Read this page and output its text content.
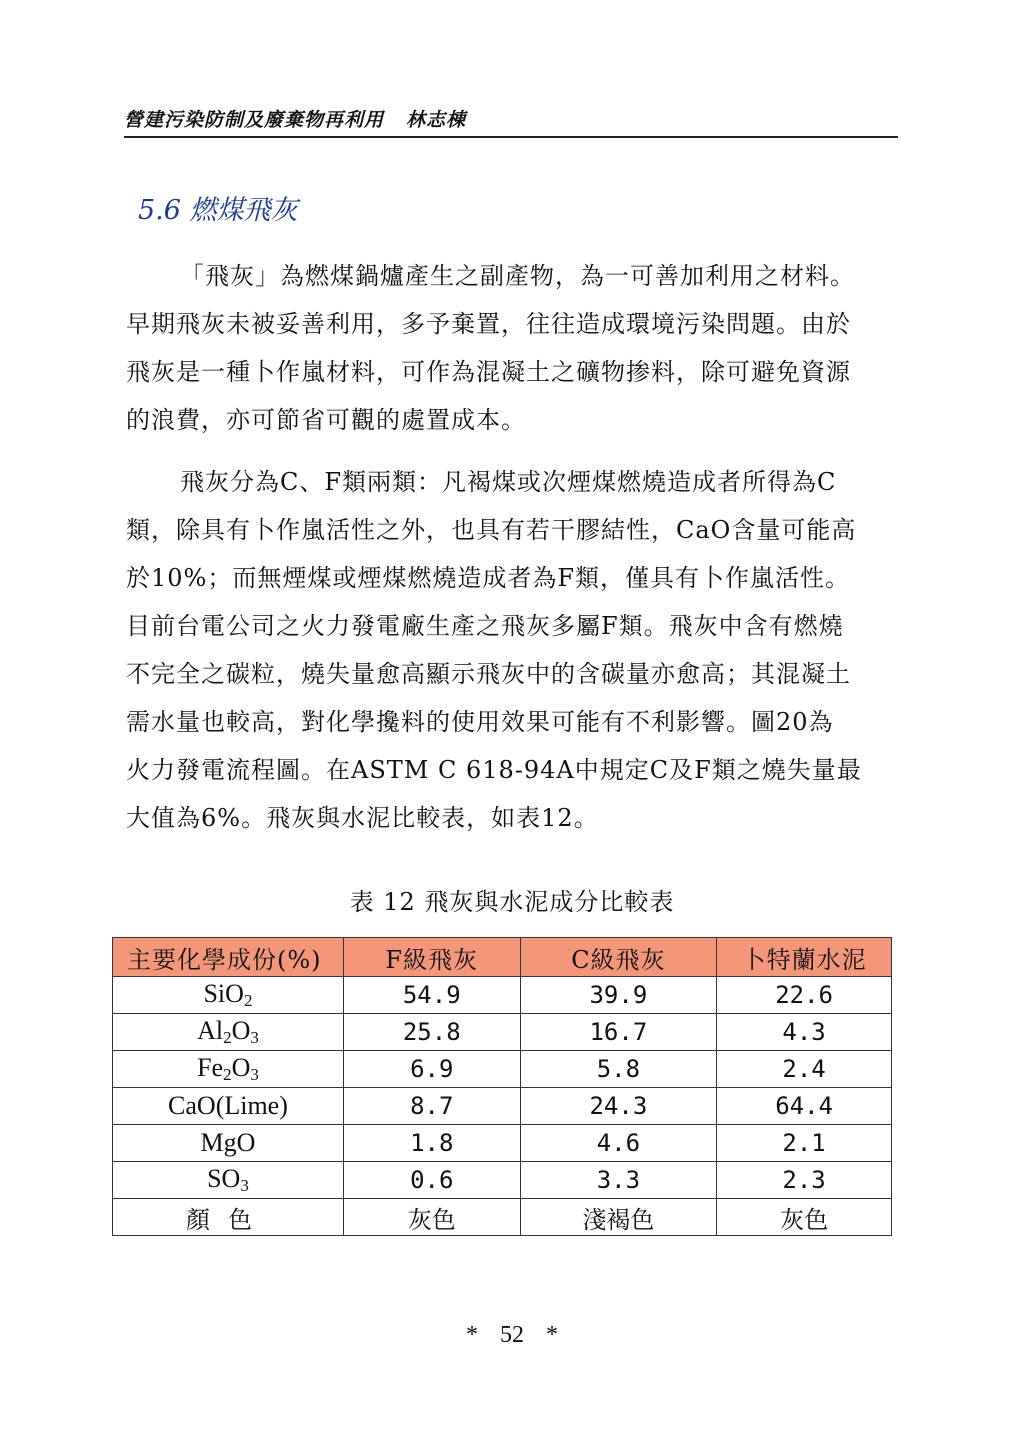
營建污染防制及廢棄物再利用 林志棟
5.6 燃煤飛灰
「飛灰」為燃煤鍋爐產生之副產物，為一可善加利用之材料。
早期飛灰未被妥善利用，多予棄置，往往造成環境污染問題。由於
飛灰是一種卜作嵐材料，可作為混凝土之礦物掺料，除可避免資源
的浪費，亦可節省可觀的處置成本。
飛灰分為C、F類兩類：凡褐煤或次煙煤燃燒造成者所得為C
類，除具有卜作嵐活性之外，也具有若干膠結性，CaO含量可能高
於10%；而無煙煤或煙煤燃燒造成者為F類，僅具有卜作嵐活性。
目前台電公司之火力發電廠生產之飛灰多屬F類。飛灰中含有燃燒
不完全之碳粒，燒失量愈高顯示飛灰中的含碳量亦愈高；其混凝土
需水量也較高，對化學攙料的使用效果可能有不利影響。圖20為
火力發電流程圖。在ASTM C 618-94A中規定C及F類之燒失量最
大值為6%。飛灰與水泥比較表，如表12。
表 12 飛灰與水泥成分比較表
主要化學成份(%)	F級飛灰	C級飛灰	卜特蘭水泥
SiO$_2$	54.9	39.9	22.6
$Al_2O_3$	25.8	16.7	4.3
$Fe_2O_3$	6.9	5.8	2.4
CaO(Lime)	8.7	24.3	64.4
MgO	1.8	4.6	2.1
$SO_3$	0.6	3.3	2.3
顏色	灰色	淺褐色	灰色
* 52 *
